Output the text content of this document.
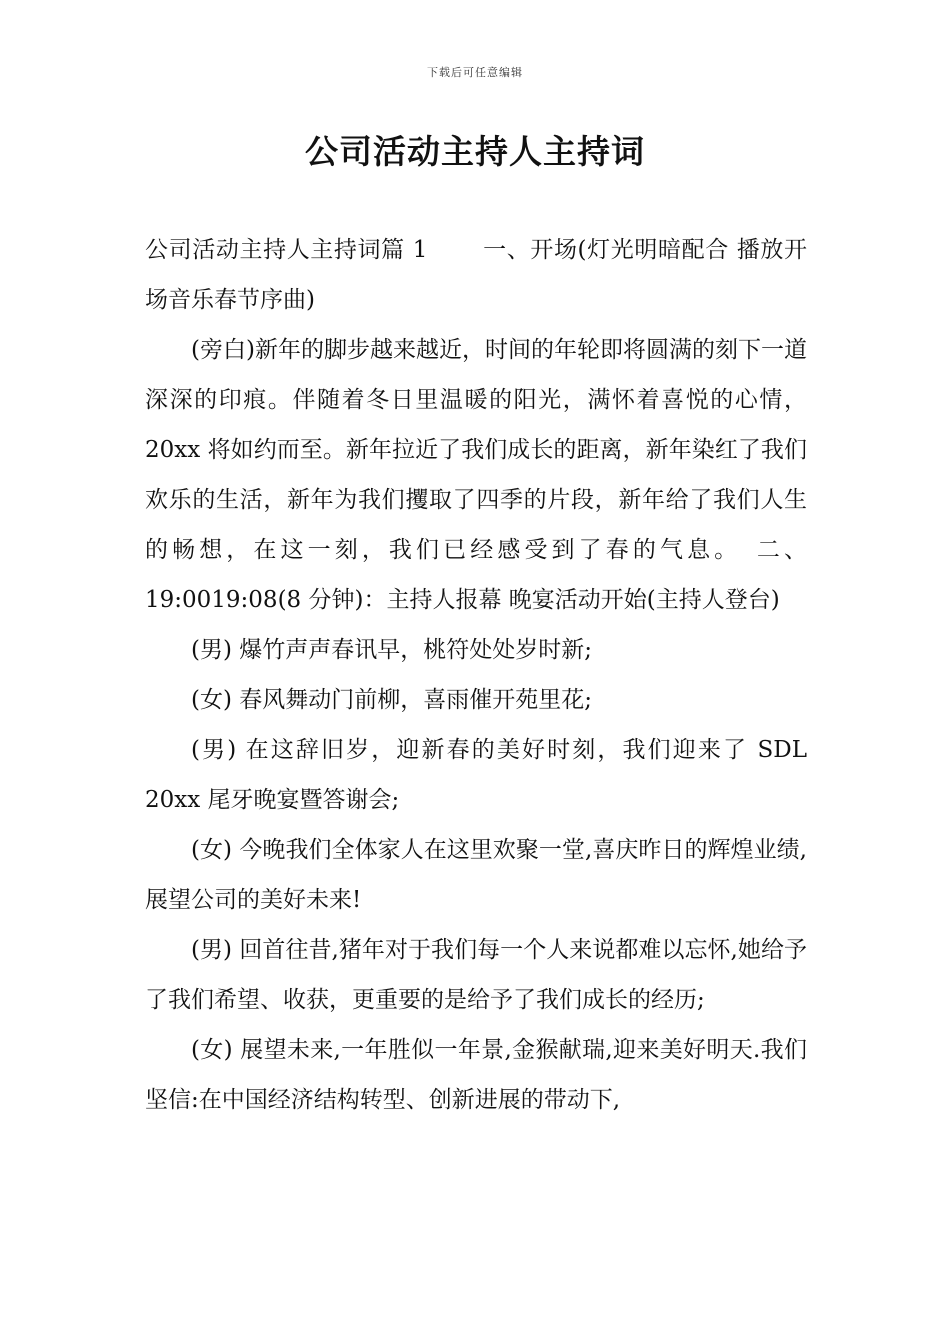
下载后可任意编辑
公司活动主持人主持词

公司活动主持人主持词篇 1　　 一、开场(灯光明暗配合 播放开场音乐春节序曲)

(旁白)新年的脚步越来越近，时间的年轮即将圆满的刻下一道深深的印痕。伴随着冬日里温暖的阳光，满怀着喜悦的心情，20xx 将如约而至。新年拉近了我们成长的距离，新年染红了我们欢乐的生活，新年为我们攫取了四季的片段，新年给了我们人生的畅想，在这一刻，我们已经感受到了春的气息。　二、19:0019:08(8 分钟)：主持人报幕 晚宴活动开始(主持人登台)

(男) 爆竹声声春讯早，桃符处处岁时新;

(女) 春风舞动门前柳，喜雨催开苑里花;

(男) 在这辞旧岁，迎新春的美好时刻，我们迎来了 SDL 20xx 尾牙晚宴暨答谢会;

(女) 今晚我们全体家人在这里欢聚一堂,喜庆昨日的辉煌业绩,展望公司的美好未来!

(男) 回首往昔,猪年对于我们每一个人来说都难以忘怀,她给予了我们希望、收获，更重要的是给予了我们成长的经历;

(女) 展望未来,一年胜似一年景,金猴献瑞,迎来美好明天.我们坚信:在中国经济结构转型、创新进展的带动下,
